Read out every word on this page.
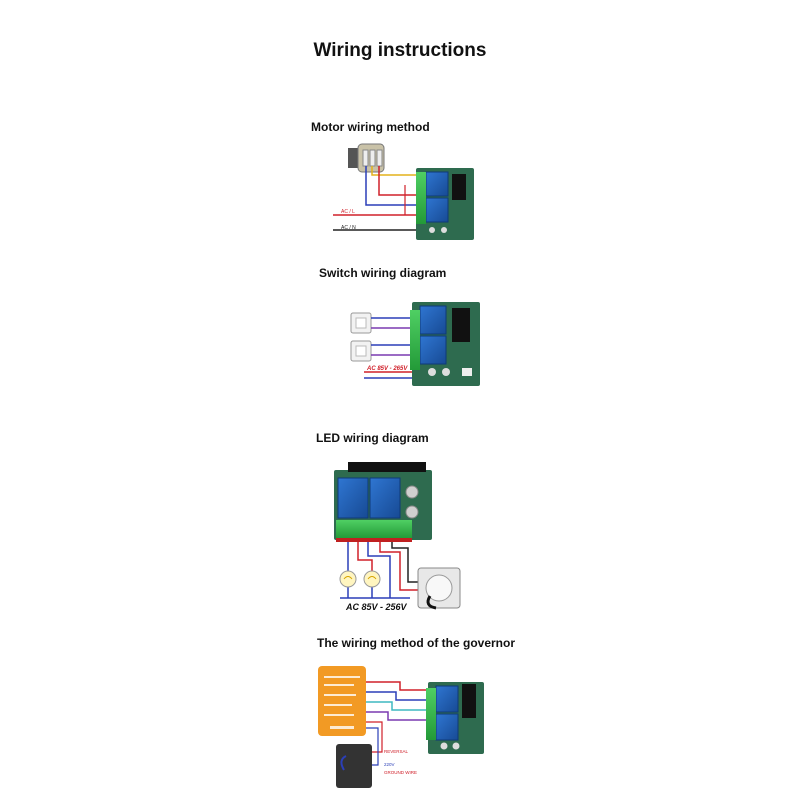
Wiring instructions
Motor wiring method
Switch wiring diagram
LED wiring diagram
The wiring method of the governor
AC / L
AC / N
AC 85V - 265V
AC 85V - 256V
REVERSAL
220V
GROUND WIRE
